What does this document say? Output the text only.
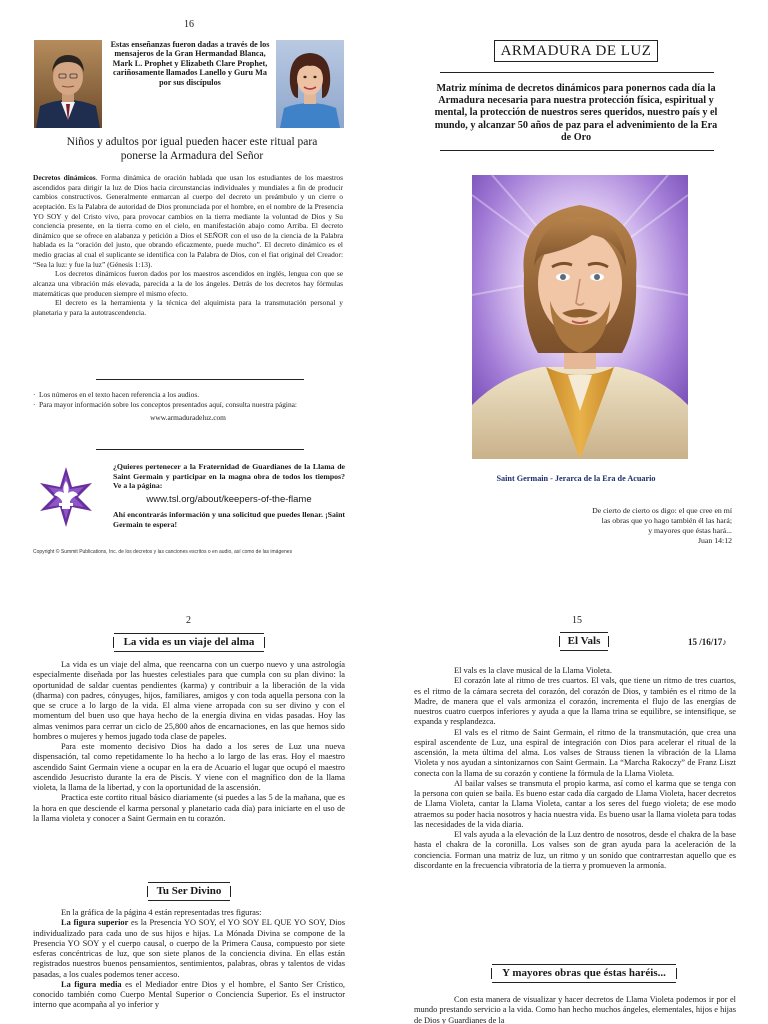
16
Estas enseñanzas fueron dadas a través de los mensajeros de la Gran Hermandad Blanca, Mark L. Prophet y Elizabeth Clare Prophet, cariñosamente llamados Lanello y Guru Ma por sus discípulos
Niños y adultos por igual pueden hacer este ritual para ponerse la Armadura del Señor

Decretos dinámicos. Forma dinámica de oración hablada que usan los estudiantes de los maestros ascendidos para dirigir la luz de Dios hacia circunstancias individuales y mundiales a fin de producir cambios constructivos. Generalmente enmarcan al cuerpo del decreto un preámbulo y un cierre o aceptación. Es la Palabra de autoridad de Dios pronunciada por el hombre, en el nombre de la Presencia YO SOY y del Cristo vivo, para provocar cambios en la tierra mediante la voluntad de Dios y Su conciencia presente, en la tierra como en el cielo, en manifestación abajo como Arriba. El decreto dinámico que se ofrece en alabanza y petición a Dios el SEÑOR con el uso de la ciencia de la Palabra hablada es la “oración del justo, que obrando eficazmente, puede mucho”. El decreto dinámico es el medio gracias al cual el suplicante se identifica con la Palabra de Dios, con el fiat original del Creador: “Sea la luz: y fue la luz” (Génesis 1:13).

Los decretos dinámicos fueron dados por los maestros ascendidos en inglés, lengua con que se alcanza una vibración más elevada, parecida a la de los ángeles. Detrás de los decretos hay fórmulas matemáticas que producen siempre el mismo efecto.

El decreto es la herramienta y la técnica del alquimista para la transmutación personal y planetaria y para la autotrascendencia.

· Los números en el texto hacen referencia a los audios.
· Para mayor información sobre los conceptos presentados aquí, consulta nuestra página:
www.armaduradeluz.com
¿Quieres pertenecer a la Fraternidad de Guardianes de la Llama de Saint Germain y participar en la magna obra de todos los tiempos? Ve a la página:
www.tsl.org/about/keepers-of-the-flame
Ahí encontrarás información y una solicitud que puedes llenar. ¡Saint Germain te espera!
Copyright © Summit Publications, Inc. de los decretos y las canciones escritos o en audio, así como de las imágenes
ARMADURA DE LUZ
Matriz mínima de decretos dinámicos para ponernos cada día la Armadura necesaria para nuestra protección física, espiritual y mental, la protección de nuestros seres queridos, nuestro país y el mundo, y alcanzar 50 años de paz para el advenimiento de la Era de Oro
Saint Germain - Jerarca de la Era de Acuario
De cierto de cierto os digo: el que cree en mí
las obras que yo hago también él las hará;
y mayores que éstas hará...
Juan 14:12
2
La vida es un viaje del alma

La vida es un viaje del alma, que reencarna con un cuerpo nuevo y una astrología especialmente diseñada por las huestes celestiales para que cumpla con su plan divino: la oportunidad de saldar cuentas pendientes (karma) y contribuir a la liberación de la vida (dharma) con padres, cónyuges, hijos, familiares, amigos y con toda aquella persona con la que se cruce a lo largo de la vida. El alma viene arropada con su ser divino y con el momentum del buen uso que haya hecho de la energía divina en vidas pasadas. Hoy las almas venimos para cerrar un ciclo de 25,800 años de encarnaciones, en las que hemos sido hombres o mujeres y hemos jugado toda clase de papeles.

Para este momento decisivo Dios ha dado a los seres de Luz una nueva dispensación, tal como repetidamente lo ha hecho a lo largo de las eras. Hoy el maestro ascendido Saint Germain viene a ocupar en la era de Acuario el lugar que ocupó el maestro ascendido Jesucristo durante la era de Piscis. Y viene con el magnífico don de la llama violeta, la llama de la libertad, y con la oportunidad de la ascensión.

Practica este cortito ritual básico diariamente (si puedes a las 5 de la mañana, que es la hora en que desciende el karma personal y planetario cada día) para iniciarte en el uso de la llama violeta y conocer a Saint Germain en tu corazón.

Tu Ser Divino

En la gráfica de la página 4 están representadas tres figuras:

La figura superior es la Presencia YO SOY, el YO SOY EL QUE YO SOY, Dios individualizado para cada uno de sus hijos e hijas. La Mónada Divina se compone de la Presencia YO SOY y el cuerpo causal, o cuerpo de la Primera Causa, compuesto por siete esferas concéntricas de luz, que son siete planos de la conciencia divina. En ellas están registrados nuestros buenos pensamientos, sentimientos, palabras, obras y talentos de vidas pasadas, a los cuales podemos tener acceso.

La figura media es el Mediador entre Dios y el hombre, el Santo Ser Crístico, conocido también como Cuerpo Mental Superior o Conciencia Superior. Es el instructor interno que acompaña al yo inferior y

15
El Vals	15 /16/17♪

El vals es la clave musical de la Llama Violeta.

El corazón late al ritmo de tres cuartos. El vals, que tiene un ritmo de tres cuartos, es el ritmo de la cámara secreta del corazón, del corazón de Dios, y también es el ritmo de la Madre, de manera que el vals armoniza el corazón, incrementa el flujo de las energías de nuestros cuatro cuerpos inferiores y ayuda a que la llama trina se equilibre, se intensifique, se expanda y resplandezca.

El vals es el ritmo de Saint Germain, el ritmo de la transmutación, que crea una espiral ascendente de Luz, una espiral de integración con Dios para acelerar el ritual de la ascensión, la meta última del alma. Los valses de Strauss tienen la vibración de la Llama Violeta y nos ayudan a sintonizarnos con Saint Germain. La “Marcha Rakoczy” de Franz Liszt conecta con la llama de su corazón y contiene la fórmula de la Llama Violeta.

Al bailar valses se transmuta el propio karma, así como el karma que se tenga con la persona con quien se baila. Es bueno estar cada día cargado de Llama Violeta, hacer decretos de Llama Violeta, cantar la Llama Violeta, cantar a los seres del fuego violeta; de ese modo atraemos su poder hacia nosotros y hacia nuestra vida. Es bueno usar la llama violeta para todas las necesidades de la vida diaria.

El vals ayuda a la elevación de la Luz dentro de nosotros, desde el chakra de la base hasta el chakra de la coronilla. Los valses son de gran ayuda para la aceleración de la conciencia. Forman una matriz de luz, un ritmo y un sonido que contrarrestan aquello que es discordante en la frecuencia vibratoria de la tierra y promueven la armonía.

Y mayores obras que éstas haréis...

Con esta manera de visualizar y hacer decretos de Llama Violeta podemos ir por el mundo prestando servicio a la vida. Como han hecho muchos ángeles, elementales, hijos e hijas de Dios y Guardianes de la
